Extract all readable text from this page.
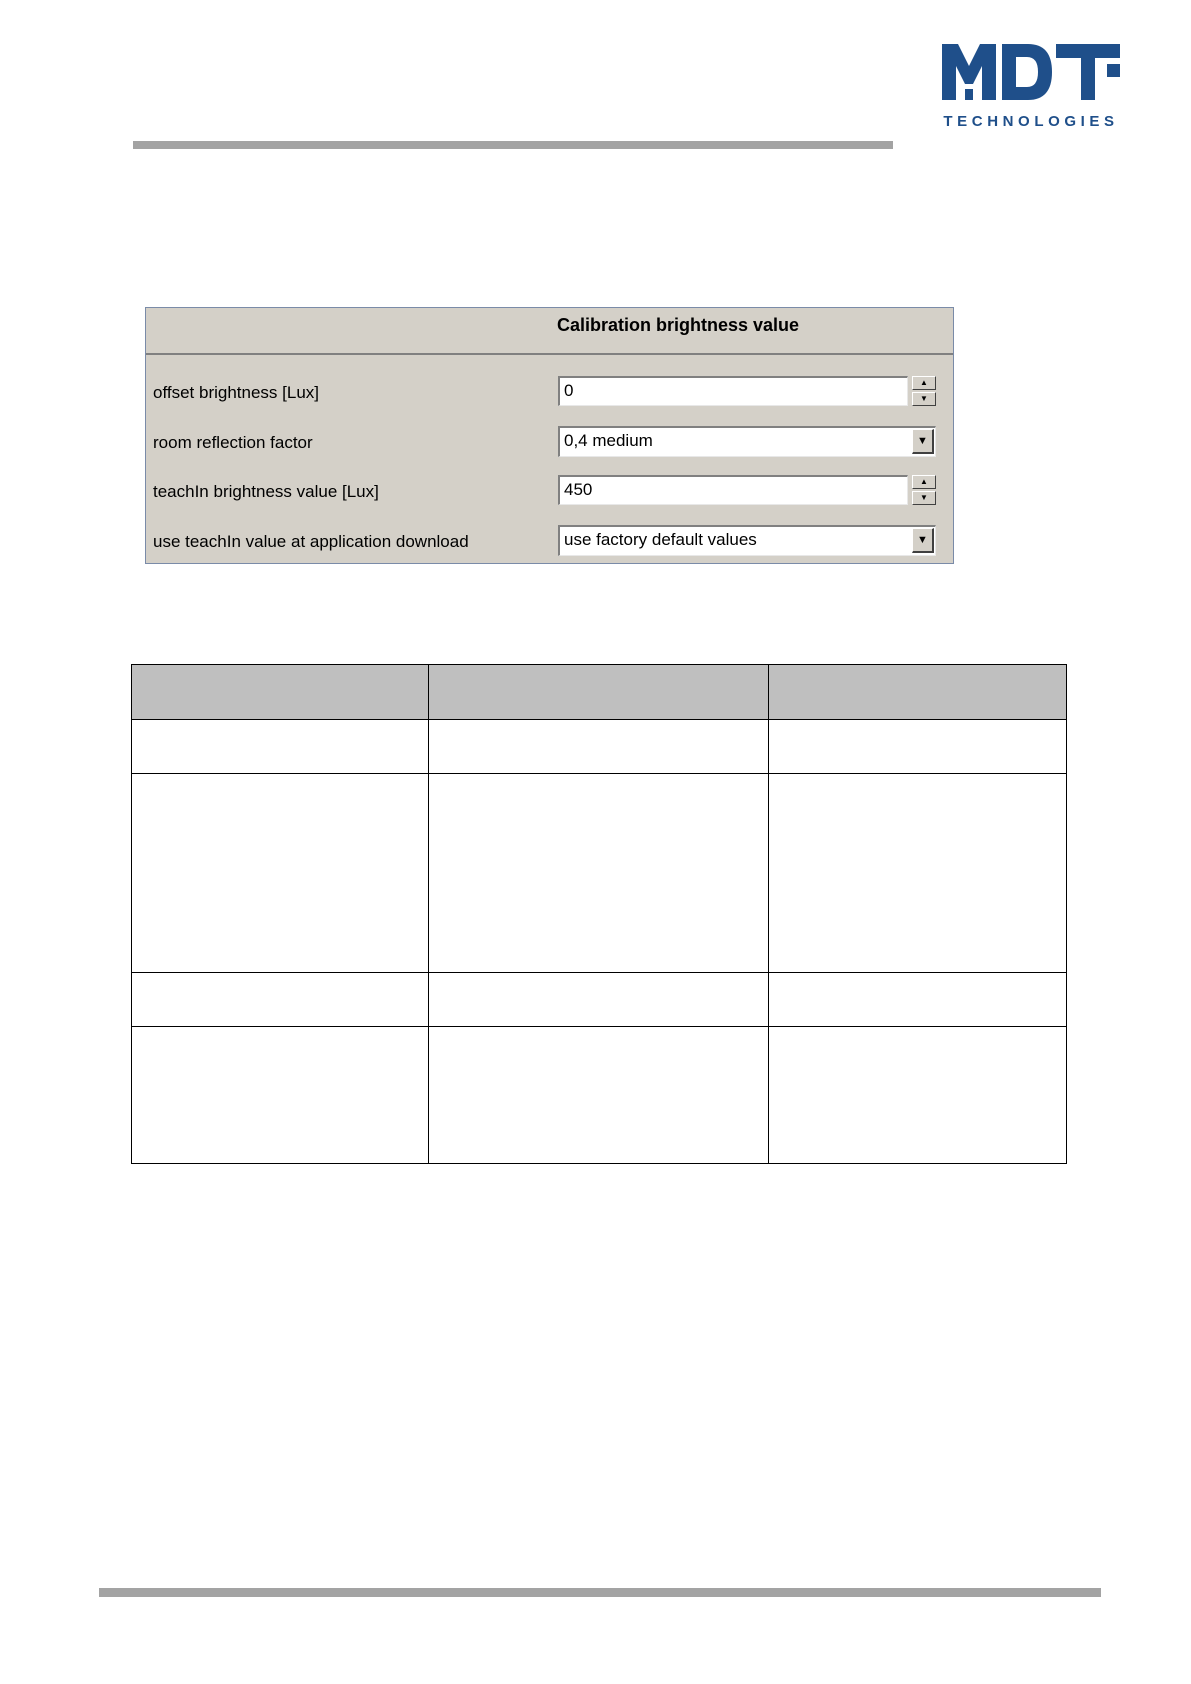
TECHNOLOGIES
Calibration brightness value
offset brightness [Lux]	0	▲
▼
room reflection factor	0,4 medium	▼
teachIn brightness value [Lux]	450	▲
▼
use teachIn value at application download	use factory default values	▼
